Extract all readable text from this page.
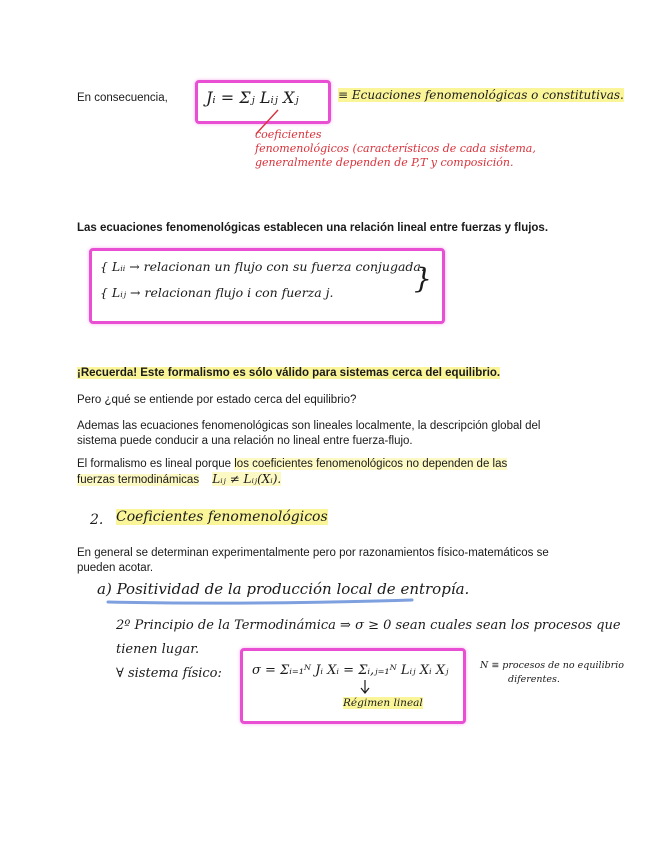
En consecuencia, Jᵢ = Σⱼ Lᵢⱼ Xⱼ	≡ Ecuaciones fenomenológicas o constitutivas.
coeficientes
fenomenológicos (característicos de cada sistema,
generalmente dependen de P,T y composición.
Las ecuaciones fenomenológicas establecen una relación lineal entre fuerzas y flujos.
{ Lᵢᵢ → relacionan un flujo con su fuerza conjugada.
{ Lᵢⱼ → relacionan flujo i con fuerza j.	}
¡Recuerda! Este formalismo es sólo válido para sistemas cerca del equilibrio.
Pero ¿qué se entiende por estado cerca del equilibrio?
Ademas las ecuaciones fenomenológicas son lineales localmente, la descripción global del sistema puede conducir a una relación no lineal entre fuerza-flujo.
El formalismo es lineal porque los coeficientes fenomenológicos no dependen de las fuerzas termodinámicas Lᵢⱼ ≠ Lᵢⱼ(Xᵢ).
2. Coeficientes fenomenológicos
En general se determinan experimentalmente pero por razonamientos físico-matemáticos se pueden acotar.
a) Positividad de la producción local de entropía.
2º Principio de la Termodinámica ⇒ σ ≥ 0 sean cuales sean los procesos que
tienen lugar.
∀ sistema físico: σ = Σᵢ₌₁ᴺ Jᵢ Xᵢ = Σᵢ,ⱼ₌₁ᴺ Lᵢⱼ Xᵢ Xⱼ
Régimen lineal
N ≡ procesos de no equilibrio
diferentes.
